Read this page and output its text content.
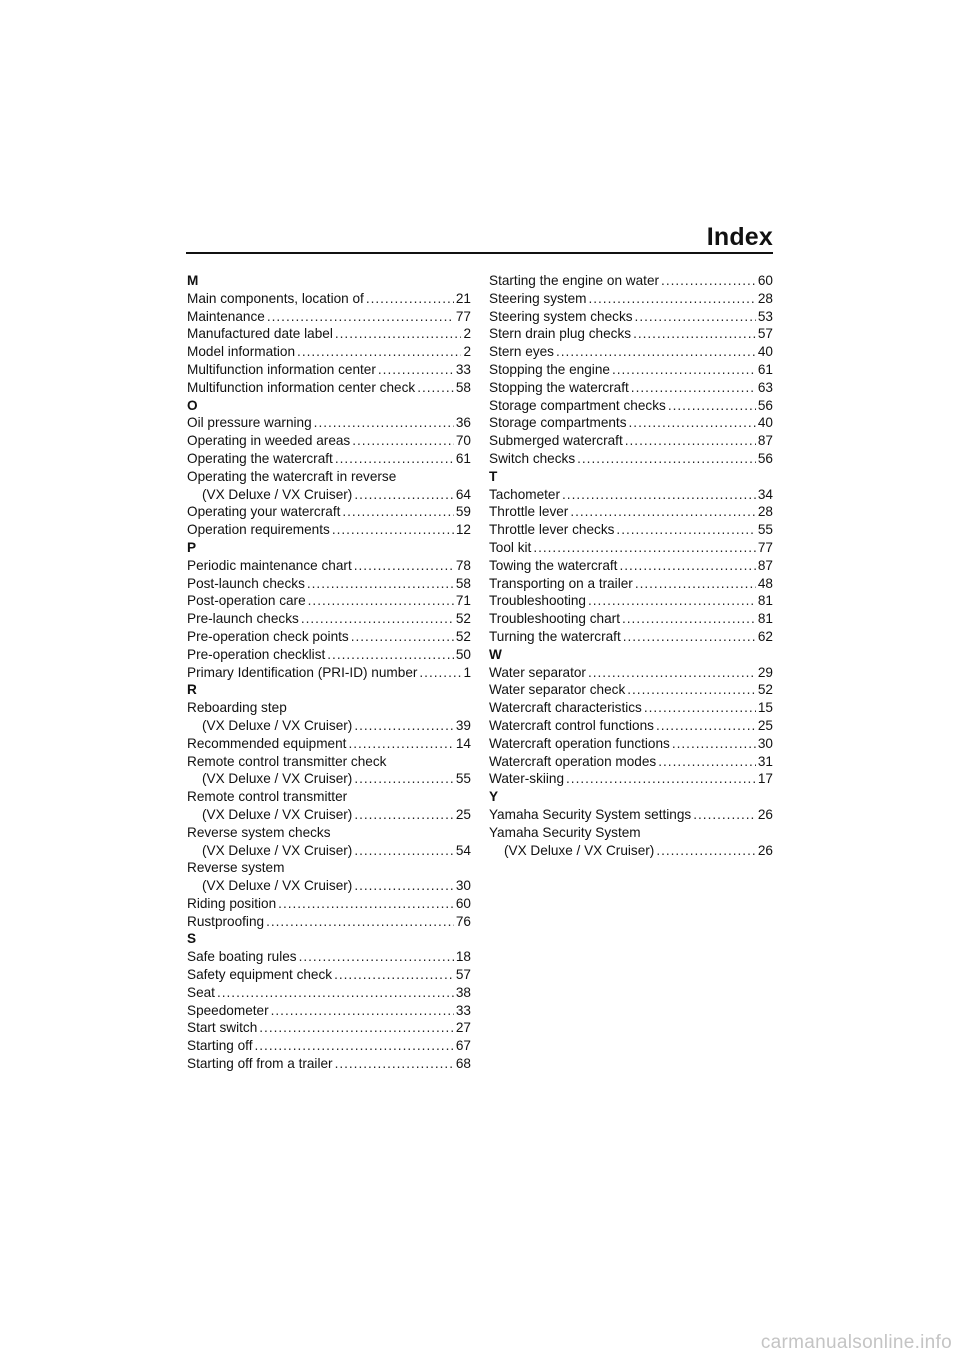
Index
M
Main components, location of .....	21
Maintenance .....	77
Manufactured date label .....	2
Model information .....	2
Multifunction information center .....	33
Multifunction information center check .....	58
O
Oil pressure warning .....	36
Operating in weeded areas .....	70
Operating the watercraft .....	61
Operating the watercraft in reverse
(VX Deluxe / VX Cruiser) .....	64
Operating your watercraft .....	59
Operation requirements .....	12
P
Periodic maintenance chart .....	78
Post-launch checks .....	58
Post-operation care .....	71
Pre-launch checks .....	52
Pre-operation check points .....	52
Pre-operation checklist .....	50
Primary Identification (PRI-ID) number .....	1
R
Reboarding step
(VX Deluxe / VX Cruiser) .....	39
Recommended equipment .....	14
Remote control transmitter check
(VX Deluxe / VX Cruiser) .....	55
Remote control transmitter
(VX Deluxe / VX Cruiser) .....	25
Reverse system checks
(VX Deluxe / VX Cruiser) .....	54
Reverse system
(VX Deluxe / VX Cruiser) .....	30
Riding position .....	60
Rustproofing .....	76
S
Safe boating rules .....	18
Safety equipment check .....	57
Seat .....	38
Speedometer .....	33
Start switch .....	27
Starting off .....	67
Starting off from a trailer .....	68
Starting the engine on water .....	60
Steering system .....	28
Steering system checks .....	53
Stern drain plug checks .....	57
Stern eyes .....	40
Stopping the engine .....	61
Stopping the watercraft .....	63
Storage compartment checks .....	56
Storage compartments .....	40
Submerged watercraft .....	87
Switch checks .....	56
T
Tachometer .....	34
Throttle lever .....	28
Throttle lever checks .....	55
Tool kit .....	77
Towing the watercraft .....	87
Transporting on a trailer .....	48
Troubleshooting .....	81
Troubleshooting chart .....	81
Turning the watercraft .....	62
W
Water separator .....	29
Water separator check .....	52
Watercraft characteristics .....	15
Watercraft control functions .....	25
Watercraft operation functions .....	30
Watercraft operation modes .....	31
Water-skiing .....	17
Y
Yamaha Security System settings .....	26
Yamaha Security System
(VX Deluxe / VX Cruiser) .....	26
carmanualsonline.info
